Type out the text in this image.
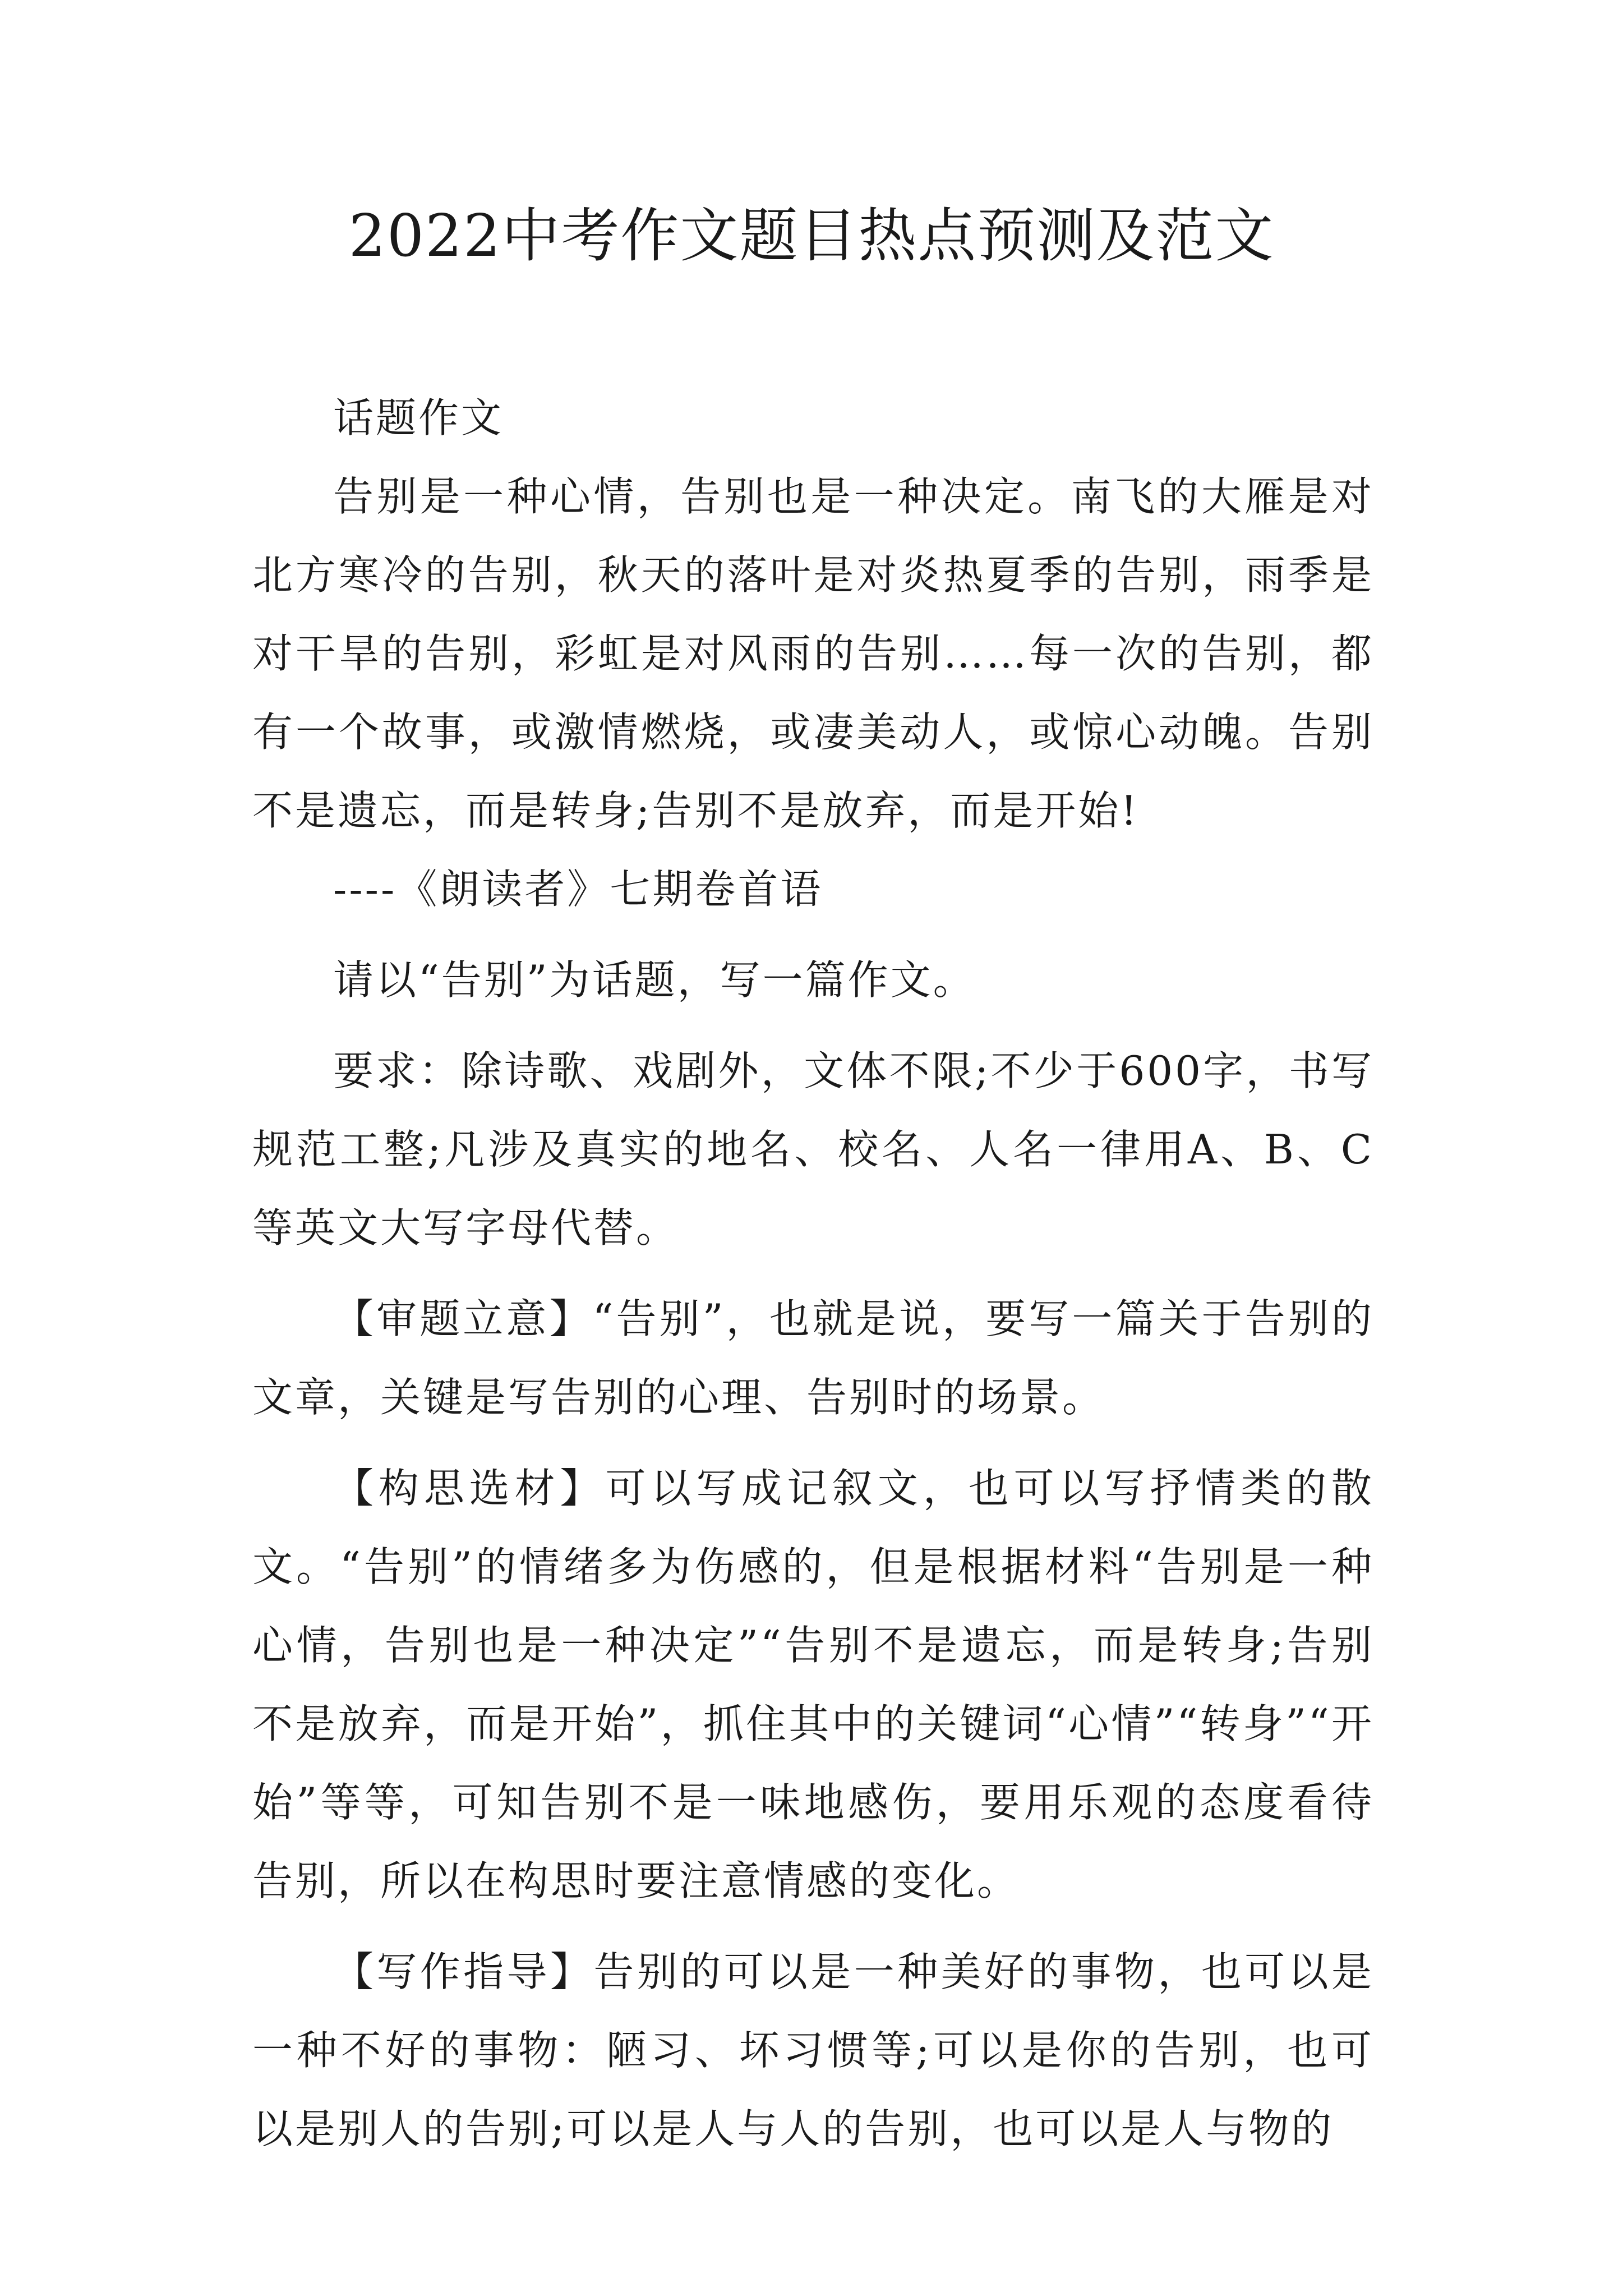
2022中考作文题目热点预测及范文

话题作文

告别是一种心情，告别也是一种决定。南飞的大雁是对北方寒冷的告别，秋天的落叶是对炎热夏季的告别，雨季是对干旱的告别，彩虹是对风雨的告别……每一次的告别，都有一个故事，或激情燃烧，或凄美动人，或惊心动魄。告别不是遗忘，而是转身;告别不是放弃，而是开始!

----《朗读者》七期卷首语

请以“告别”为话题，写一篇作文。

要求：除诗歌、戏剧外，文体不限;不少于600字，书写规范工整;凡涉及真实的地名、校名、人名一律用A、B、C等英文大写字母代替。

【审题立意】“告别”，也就是说，要写一篇关于告别的文章，关键是写告别的心理、告别时的场景。

【构思选材】可以写成记叙文，也可以写抒情类的散文。“告别”的情绪多为伤感的，但是根据材料“告别是一种心情，告别也是一种决定”“告别不是遗忘，而是转身;告别不是放弃，而是开始”，抓住其中的关键词“心情”“转身”“开始”等等，可知告别不是一味地感伤，要用乐观的态度看待告别，所以在构思时要注意情感的变化。

【写作指导】告别的可以是一种美好的事物，也可以是一种不好的事物：陋习、坏习惯等;可以是你的告别，也可以是别人的告别;可以是人与人的告别，也可以是人与物的
